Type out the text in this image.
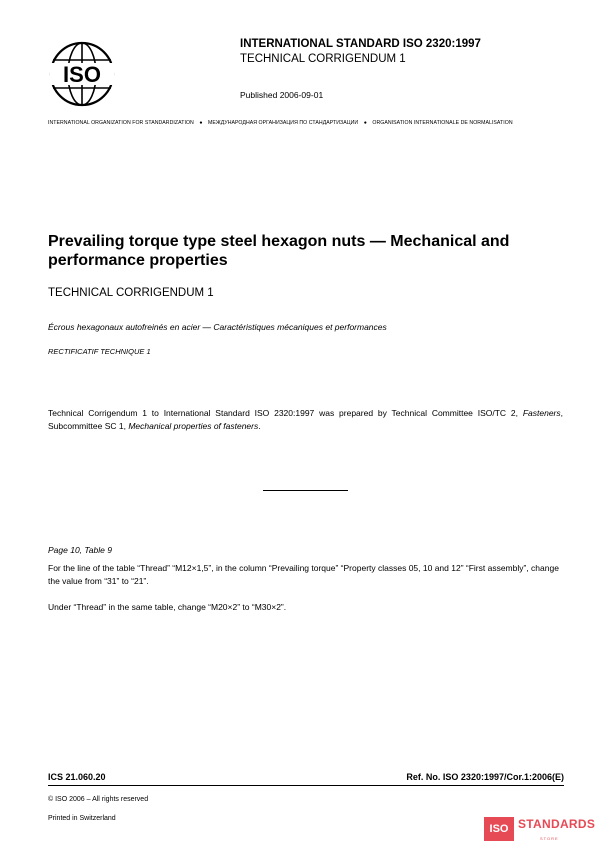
ISO
INTERNATIONAL STANDARD ISO 2320:1997
TECHNICAL CORRIGENDUM 1
Published 2006-09-01
INTERNATIONAL ORGANIZATION FOR STANDARDIZATION ● МЕЖДУНАРОДНАЯ ОРГАНИЗАЦИЯ ПО СТАНДАРТИЗАЦИИ ● ORGANISATION INTERNATIONALE DE NORMALISATION
Prevailing torque type steel hexagon nuts — Mechanical and
performance properties
TECHNICAL CORRIGENDUM 1
Écrous hexagonaux autofreinés en acier — Caractéristiques mécaniques et performances
RECTIFICATIF TECHNIQUE 1
Technical Corrigendum 1 to International Standard ISO 2320:1997 was prepared by Technical Committee ISO/TC 2, Fasteners, Subcommittee SC 1, Mechanical properties of fasteners.
Page 10, Table 9
For the line of the table “Thread” “M12×1,5”, in the column “Prevailing torque” “Property classes 05, 10 and 12” “First assembly”, change the value from “31” to “21”.
Under “Thread” in the same table, change “M20×2” to “M30×2”.
ICS 21.060.20	Ref. No. ISO 2320:1997/Cor.1:2006(E)
© ISO 2006 – All rights reserved
Printed in Switzerland
ISO STANDARDS
STORE
